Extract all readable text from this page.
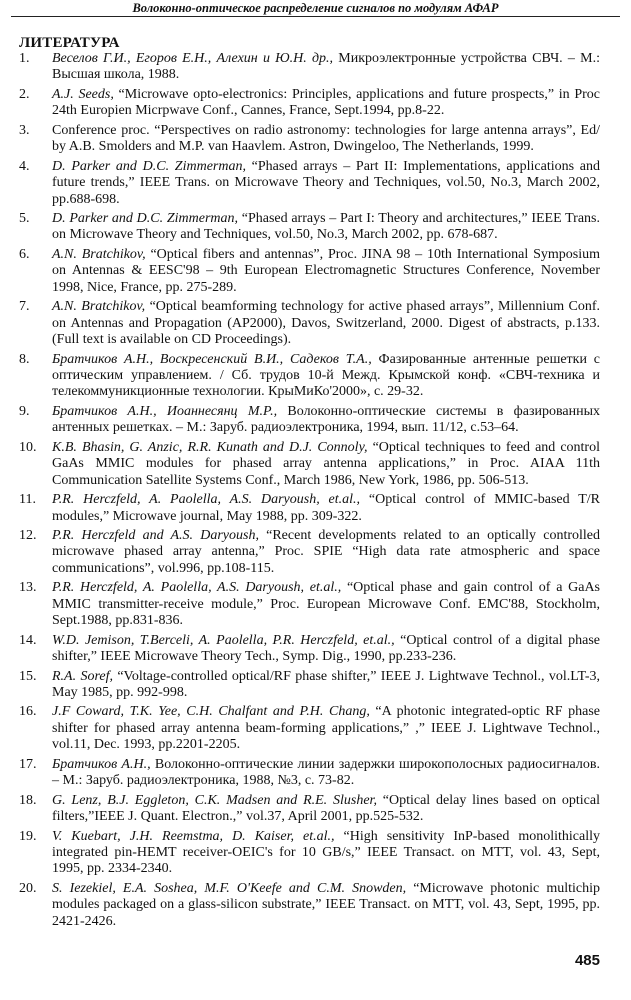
Волоконно-оптическое распределение сигналов по модулям АФАР
ЛИТЕРАТУРА
1. Веселов Г.И., Егоров Е.Н., Алехин и Ю.Н. др., Микроэлектронные устройства СВЧ. – М.: Высшая школа, 1988.
2. A.J. Seeds, “Microwave opto-electronics: Principles, applications and future prospects,” in Proc 24th Europien Micrpwave Conf., Cannes, France, Sept.1994, pp.8-22.
3. Conference proc. “Perspectives on radio astronomy: technologies for large antenna arrays”, Ed/ by A.B. Smolders and M.P. van Haavlem. Astron, Dwingeloo, The Netherlands, 1999.
4. D. Parker and D.C. Zimmerman, “Phased arrays – Part II: Implementations, applications and future trends,” IEEE Trans. on Microwave Theory and Techniques, vol.50, No.3, March 2002, pp.688-698.
5. D. Parker and D.C. Zimmerman, “Phased arrays – Part I: Theory and architectures,” IEEE Trans. on Microwave Theory and Techniques, vol.50, No.3, March 2002, pp. 678-687.
6. A.N. Bratchikov, “Optical fibers and antennas”, Proc. JINA 98 – 10th International Symposium on Antennas & EESC'98 – 9th European Electromagnetic Structures Conference, November 1998, Nice, France, pp. 275-289.
7. A.N. Bratchikov, “Optical beamforming technology for active phased arrays”, Millennium Conf. on Antennas and Propagation (AP2000), Davos, Switzerland, 2000. Digest of abstracts, p.133. (Full text is available on CD Proceedings).
8. Братчиков А.Н., Воскресенский В.И., Садеков Т.А., Фазированные антенные решетки с оптическим управлением. / Сб. трудов 10-й Межд. Крымской конф. «СВЧ-техника и телекоммуникционные технологии. КрыМиКо'2000», с. 29-32.
9. Братчиков А.Н., Иоаннесянц М.Р., Волоконно-оптические системы в фазированных антенных решетках. – М.: Заруб. радиоэлектроника, 1994, вып. 11/12, с.53–64.
10. K.B. Bhasin, G. Anzic, R.R. Kunath and D.J. Connoly, “Optical techniques to feed and control GaAs MMIC modules for phased array antenna applications,” in Proc. AIAA 11th Communication Satellite Systems Conf., March 1986, New York, 1986, pp. 506-513.
11. P.R. Herczfeld, A. Paolella, A.S. Daryoush, et.al., “Optical control of MMIC-based T/R modules,” Microwave journal, May 1988, pp. 309-322.
12. P.R. Herczfeld and A.S. Daryoush, “Recent developments related to an optically controlled microwave phased array antenna,” Proc. SPIE “High data rate atmospheric and space communications”, vol.996, pp.108-115.
13. P.R. Herczfeld, A. Paolella, A.S. Daryoush, et.al., “Optical phase and gain control of a GaAs MMIC transmitter-receive module,” Proc. European Microwave Conf. EMC'88, Stockholm, Sept.1988, pp.831-836.
14. W.D. Jemison, T.Berceli, A. Paolella, P.R. Herczfeld, et.al., “Optical control of a digital phase shifter,” IEEE Microwave Theory Tech., Symp. Dig., 1990, pp.233-236.
15. R.A. Soref, “Voltage-controlled optical/RF phase shifter,” IEEE J. Lightwave Technol., vol.LT-3, May 1985, pp. 992-998.
16. J.F Coward, T.K. Yee, C.H. Chalfant and P.H. Chang, “A photonic integrated-optic RF phase shifter for phased array antenna beam-forming applications,” ,” IEEE J. Lightwave Technol., vol.11, Dec. 1993, pp.2201-2205.
17. Братчиков А.Н., Волоконно-оптические линии задержки широкополосных радиосигналов. – М.: Заруб. радиоэлектроника, 1988, №3, с. 73-82.
18. G. Lenz, B.J. Eggleton, C.K. Madsen and R.E. Slusher, “Optical delay lines based on optical filters,”IEEE J. Quant. Electron.,” vol.37, April 2001, pp.525-532.
19. V. Kuebart, J.H. Reemstma, D. Kaiser, et.al., “High sensitivity InP-based monolithically integrated pin-HEMT receiver-OEIC's for 10 GB/s,” IEEE Transact. on MTT, vol. 43, Sept, 1995, pp. 2334-2340.
20. S. Iezekiel, E.A. Soshea, M.F. O'Keefe and C.M. Snowden, “Microwave photonic multichip modules packaged on a glass-silicon substrate,” IEEE Transact. on MTT, vol. 43, Sept, 1995, pp. 2421-2426.
485
